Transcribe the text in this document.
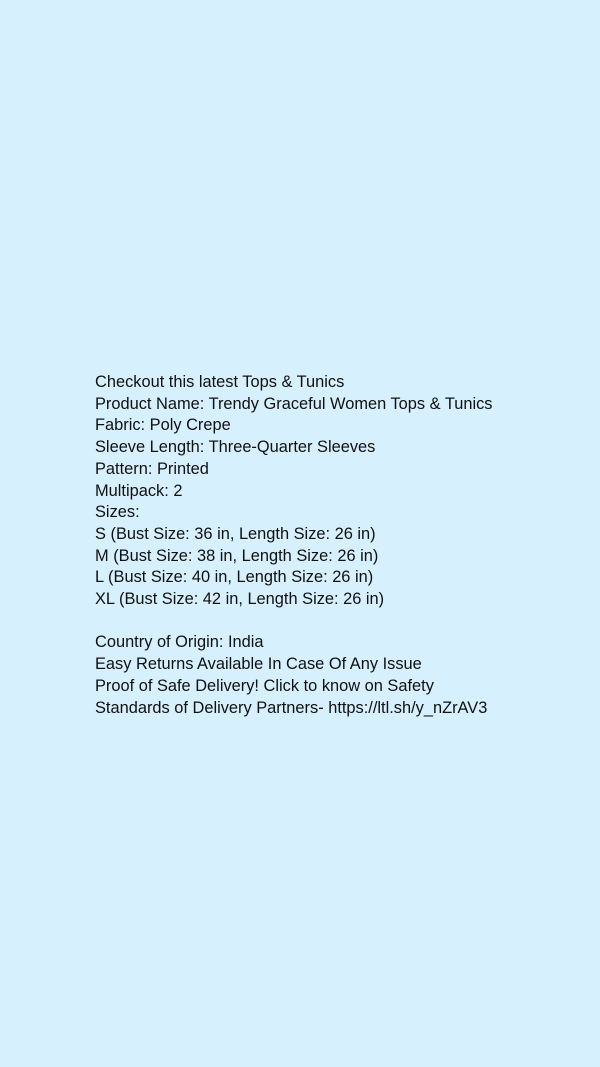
Checkout this latest Tops & Tunics
Product Name: Trendy Graceful Women Tops & Tunics
Fabric: Poly Crepe
Sleeve Length: Three-Quarter Sleeves
Pattern: Printed
Multipack: 2
Sizes:
S (Bust Size: 36 in, Length Size: 26 in)
M (Bust Size: 38 in, Length Size: 26 in)
L (Bust Size: 40 in, Length Size: 26 in)
XL (Bust Size: 42 in, Length Size: 26 in)
Country of Origin: India
Easy Returns Available In Case Of Any Issue
Proof of Safe Delivery! Click to know on Safety
Standards of Delivery Partners- https://ltl.sh/y_nZrAV3
